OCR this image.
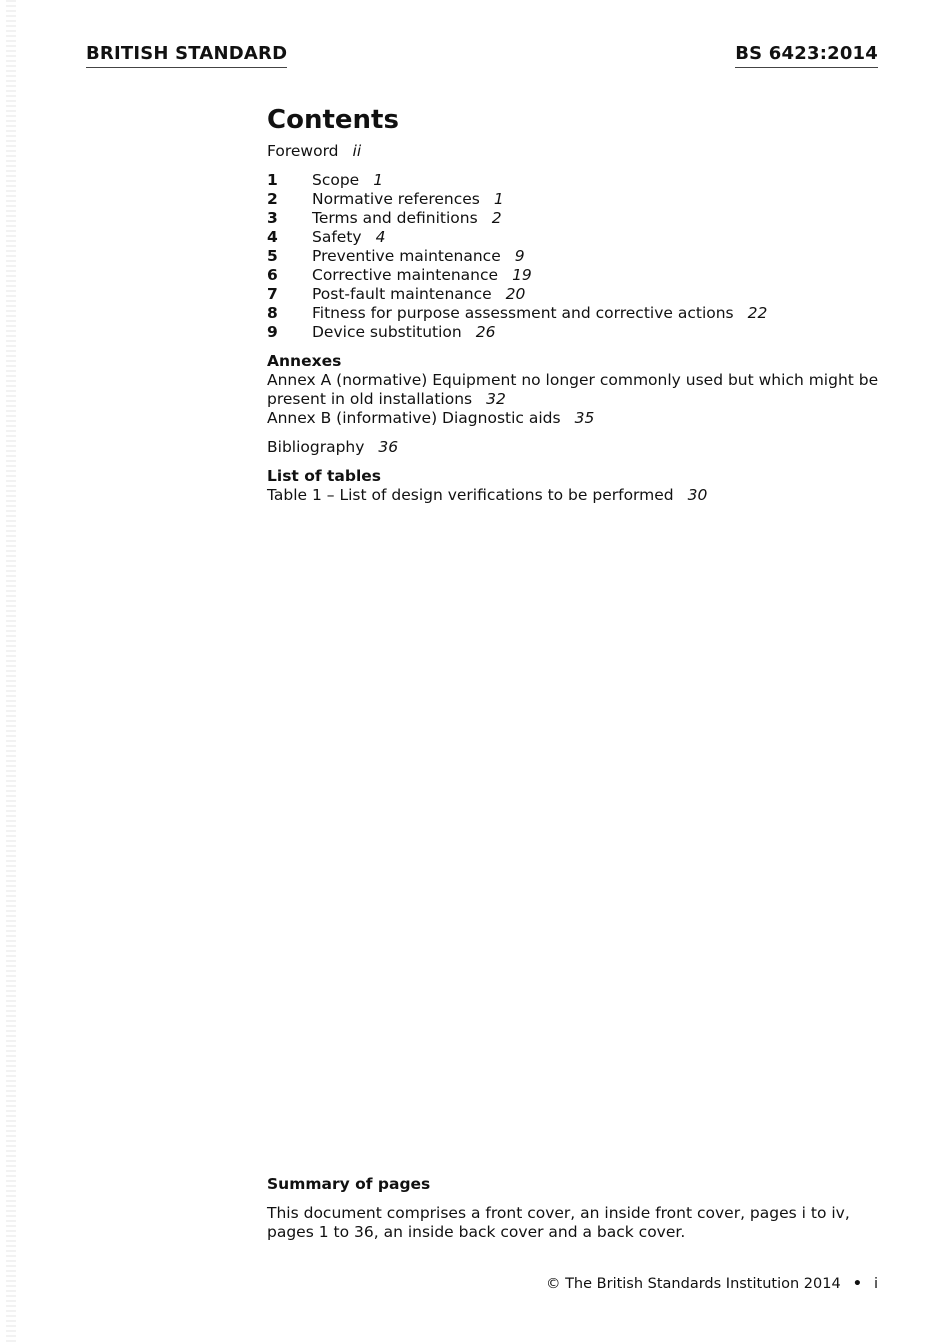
BRITISH STANDARD	BS 6423:2014
Contents
Foreword ii
1	Scope 1
2	Normative references 1
3	Terms and definitions 2
4	Safety 4
5	Preventive maintenance 9
6	Corrective maintenance 19
7	Post-fault maintenance 20
8	Fitness for purpose assessment and corrective actions 22
9	Device substitution 26
Annexes
Annex A (normative) Equipment no longer commonly used but which might be present in old installations 32
Annex B (informative) Diagnostic aids 35
Bibliography 36
List of tables
Table 1 – List of design verifications to be performed 30
Summary of pages
This document comprises a front cover, an inside front cover, pages i to iv, pages 1 to 36, an inside back cover and a back cover.
© The British Standards Institution 2014 • i
